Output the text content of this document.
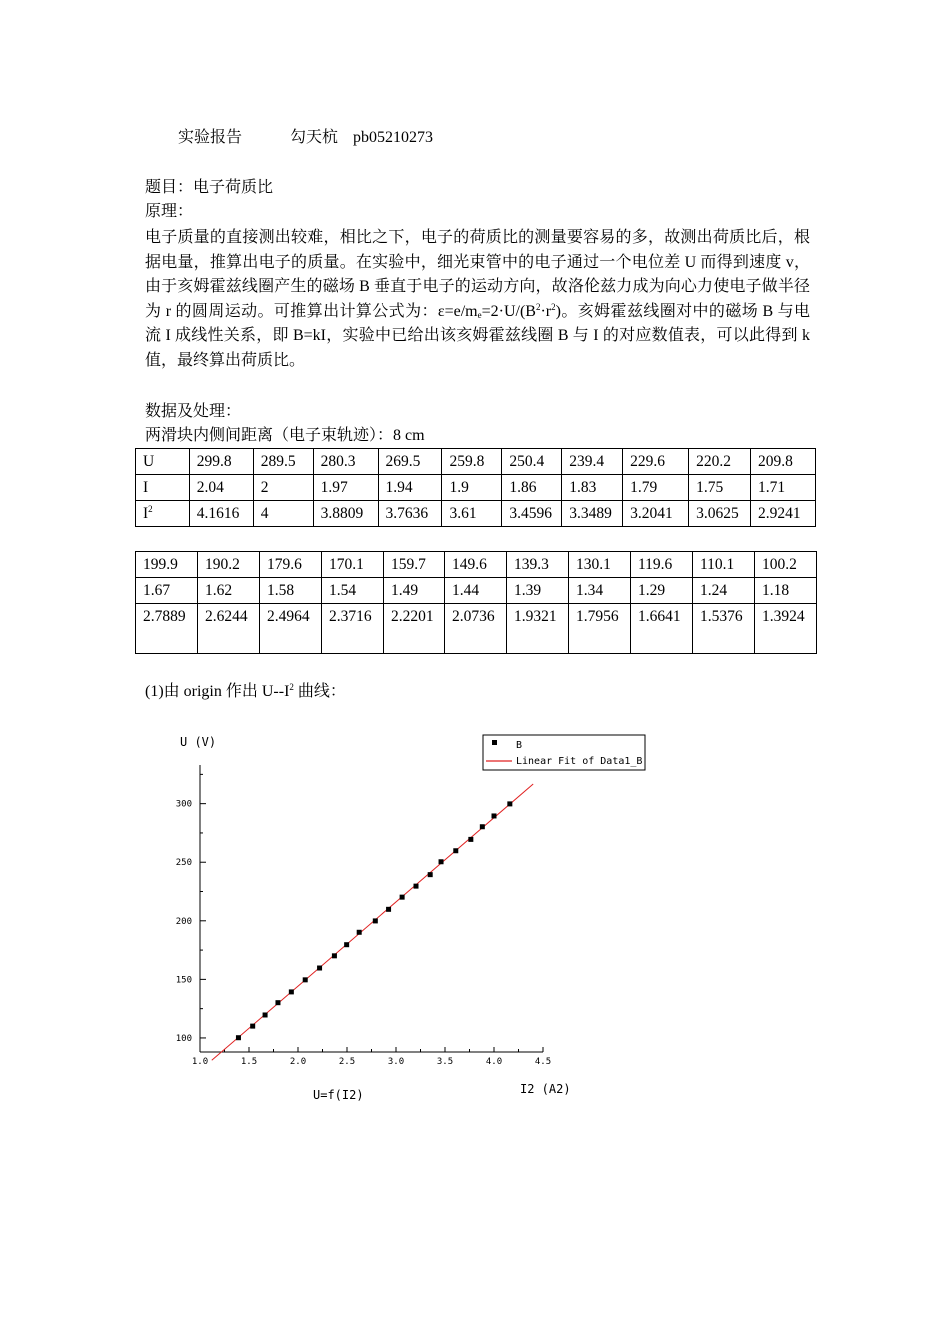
实验报告	勾天杭 pb05210273
题目：电子荷质比
原理：
电子质量的直接测出较难，相比之下，电子的荷质比的测量要容易的多，故测出荷质比后，根据电量，推算出电子的质量。在实验中，细光束管中的电子通过一个电位差 U 而得到速度 v，由于亥姆霍兹线圈产生的磁场 B 垂直于电子的运动方向，故洛伦兹力成为向心力使电子做半径为 r 的圆周运动。可推算出计算公式为：$\varepsilon=e/m_e=2\cdot U/(B^2\cdot r^2)$。亥姆霍兹线圈对中的磁场 B 与电流 I 成线性关系，即 B=kI，实验中已给出该亥姆霍兹线圈 B 与 I 的对应数值表，可以此得到 k 值，最终算出荷质比。
数据及处理：
两滑块内侧间距离（电子束轨迹）：8 cm
U	299.8	289.5	280.3	269.5	259.8	250.4	239.4	229.6	220.2	209.8
I	2.04	2	1.97	1.94	1.9	1.86	1.83	1.79	1.75	1.71
$I^2$	4.1616	4	3.8809	3.7636	3.61	3.4596	3.3489	3.2041	3.0625	2.9241
199.9	190.2	179.6	170.1	159.7	149.6	139.3	130.1	119.6	110.1	100.2
1.67	1.62	1.58	1.54	1.49	1.44	1.39	1.34	1.29	1.24	1.18
2.7889	2.6244	2.4964	2.3716	2.2201	2.0736	1.9321	1.7956	1.6641	1.5376	1.3924
(1)由 origin 作出 $U--I^2$ 曲线：
U (V)
I2 (A2)
U=f(I2)
B
Linear Fit of Data1_B
1.0	1.5	2.0	2.5	3.0	3.5	4.0	4.5
100
150
200
250
300
